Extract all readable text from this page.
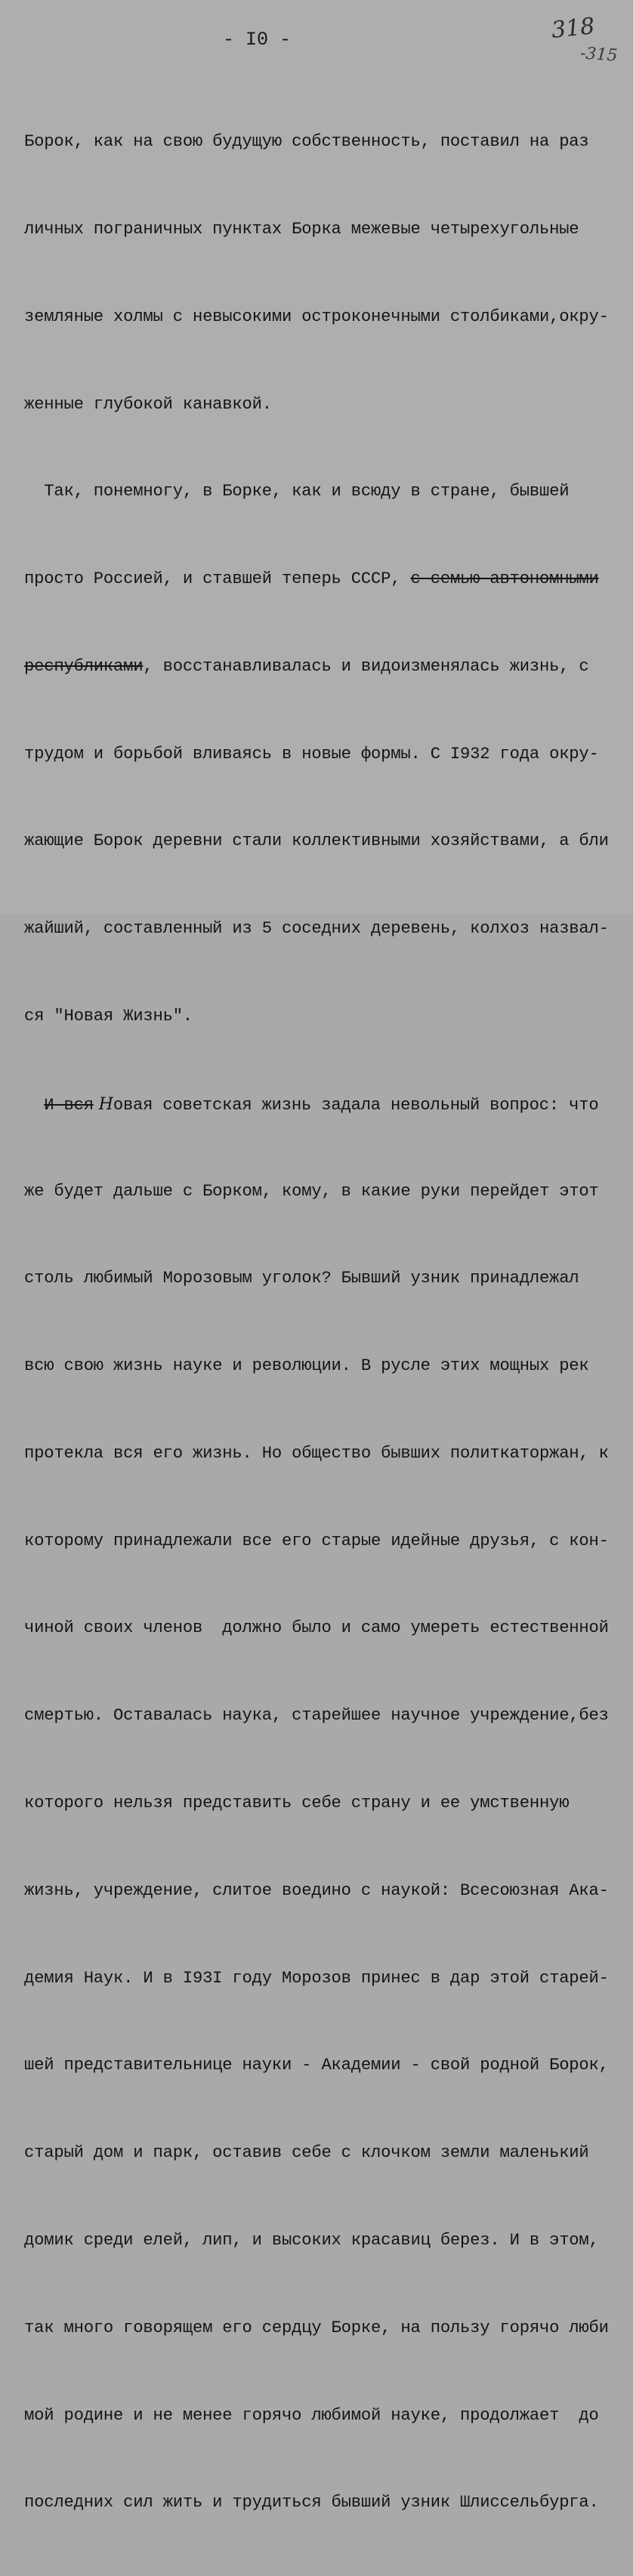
- I0 -	318
-315

Борок, как на свою будущую собственность, поставил на раз

личных пограничных пунктах Борка межевые четырехугольные

земляные холмы с невысокими остроконечными столбиками,окру-

женные глубокой канавкой.

Так, понемногу, в Борке, как и всюду в стране, бывшей

просто Россией, и ставшей теперь СССР, с семью автономными

республиками, восстанавливалась и видоизменялась жизнь, с

трудом и борьбой вливаясь в новые формы. С I932 года окру-

жающие Борок деревни стали коллективными хозяйствами, а бли

жайший, составленный из 5 соседних деревень, колхоз назвал-

ся "Новая Жизнь".

И вся Новая советская жизнь задала невольный вопрос: что

же будет дальше с Борком, кому, в какие руки перейдет этот

столь любимый Морозовым уголок? Бывший узник принадлежал

всю свою жизнь науке и революции. В русле этих мощных рек

протекла вся его жизнь. Но общество бывших политкаторжан, к

которому принадлежали все его старые идейные друзья, с кон-

чиной своих членов  должно было и само умереть естественной

смертью. Оставалась наука, старейшее научное учреждение,без

которого нельзя представить себе страну и ее умственную

жизнь, учреждение, слитое воедино с наукой: Всесоюзная Ака-

демия Наук. И в I93I году Морозов принес в дар этой старей-

шей представительнице науки - Академии - свой родной Борок,

старый дом и парк, оставив себе с клочком земли маленький

домик среди елей, лип, и высоких красавиц берез. И в этом,

так много говорящем его сердцу Борке, на пользу горячо люби

мой родине и не менее горячо любимой науке, продолжает  до

последних сил жить и трудиться бывший узник Шлиссельбурга.
